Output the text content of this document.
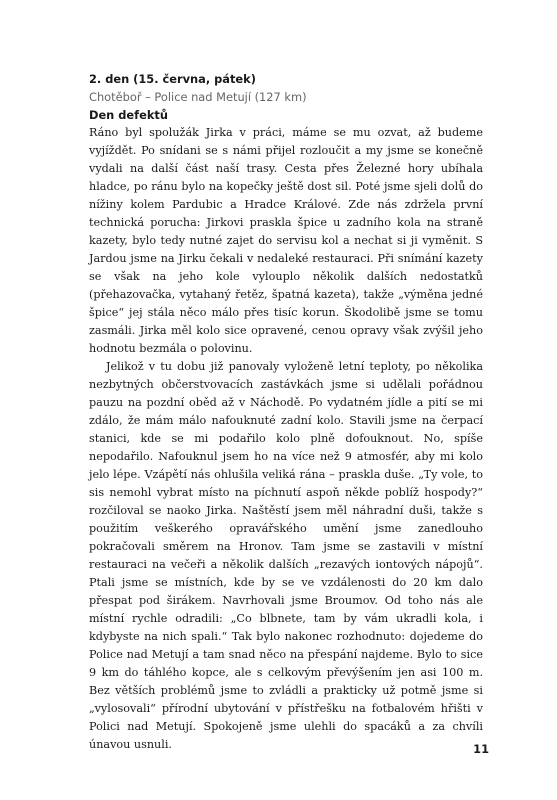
2. den (15. června, pátek)

Chotěboř – Police nad Metují (127 km)

Den defektů

Ráno byl spolužák Jirka v práci, máme se mu ozvat, až budeme vyjíždět. Po snídani se s námi přijel rozloučit a my jsme se konečně vydali na další část naší trasy. Cesta přes Železné hory ubíhala hladce, po ránu bylo na kopečky ještě dost sil. Poté jsme sjeli dolů do nížiny kolem Pardubic a Hradce Králové. Zde nás zdržela první technická porucha: Jirkovi praskla špice u zadního kola na straně kazety, bylo tedy nutné zajet do servisu kol a nechat si ji vyměnit. S Jardou jsme na Jirku čekali v nedaleké restauraci. Při snímání kazety se však na jeho kole vylouplo několik dalších nedostatků (přehazovačka, vytahaný řetěz, špatná kazeta), takže „výměna jedné špice“ jej stála něco málo přes tisíc korun. Škodolibě jsme se tomu zasmáli. Jirka měl kolo sice opravené, cenou opravy však zvýšil jeho hodnotu bezmála o polovinu.

Jelikož v tu dobu již panovaly vyloženě letní teploty, po několika nezbytných občerstvovacích zastávkách jsme si udělali pořádnou pauzu na pozdní oběd až v Náchodě. Po vydatném jídle a pití se mi zdálo, že mám málo nafouknuté zadní kolo. Stavili jsme na čerpací stanici, kde se mi podařilo kolo plně dofouknout. No, spíše nepodařilo. Nafouknul jsem ho na více než 9 atmosfér, aby mi kolo jelo lépe. Vzápětí nás ohlušila veliká rána – praskla duše. „Ty vole, to sis nemohl vybrat místo na píchnutí aspoň někde poblíž hospody?“ rozčiloval se naoko Jirka. Naštěstí jsem měl náhradní duši, takže s použitím veškerého opravářského umění jsme zanedlouho pokračovali směrem na Hronov. Tam jsme se zastavili v místní restauraci na večeři a několik dalších „rezavých iontových nápojů“. Ptali jsme se místních, kde by se ve vzdálenosti do 20 km dalo přespat pod širákem. Navrhovali jsme Broumov. Od toho nás ale místní rychle odradili: „Co blbnete, tam by vám ukradli kola, i kdybyste na nich spali.“ Tak bylo nakonec rozhodnuto: dojedeme do Police nad Metují a tam snad něco na přespání najdeme. Bylo to sice 9 km do táhlého kopce, ale s celkovým převýšením jen asi 100 m. Bez větších problémů jsme to zvládli a prakticky už potmě jsme si „vylosovali“ přírodní ubytování v přístřešku na fotbalovém hřišti v Polici nad Metují. Spokojeně jsme ulehli do spacáků a za chvíli únavou usnuli.	11
